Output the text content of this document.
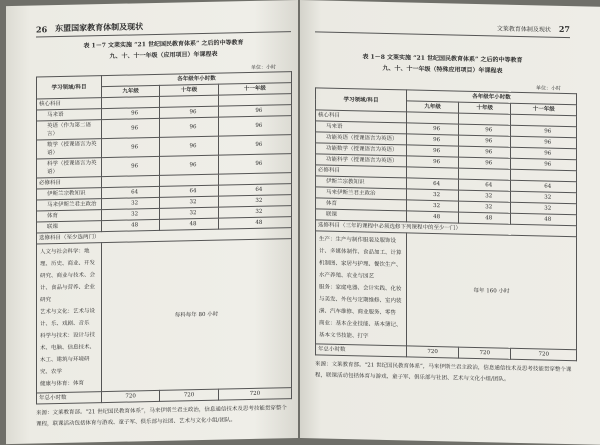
26 东盟国家教育体制及现状
表 1－7 文莱实施 “21 世纪国民教育体系” 之后的中等教育
九、十、十一年级（应用项目）年课程表
单位：小时
学习领域/科目	各年级年小时数		
	九年级	十年级	十一年级
核心科目			
马来语	96	96	96
英语（作为第二语言）	96	96	96
数学（授课语言为英语）	96	96	96
科学（授课语言为英语）	96	96	96
必修科目			
伊斯兰宗教知识	64	64	64
马来伊斯兰君主政治	32	32	32
体育	32	32	32
联课	48	48	48
选修科目（至少选两门）			

人文与社会科学：地理、历史、商业、开发研究、商业与技术、会计、食品与营养、企业研究
艺术与文化：艺术与设计、乐、戏剧、音乐
科学与技术：设计与技术、电脑、信息技术、木工、建筑与环境研究、农学
健康与体育：体育	每科每年 80 小时		
年总小时数	720	720	720
来源：文莱教育部。“21 世纪国民教育体系”，马来伊斯兰君主政治，信息通信技术及思考技能贯穿整个课程，联课活动包括体育与游戏、童子军、俱乐部与社团、艺术与文化小组/团队。
文莱教育体制及现状 27
表 1－8 文莱实施 “21 世纪国民教育体系” 之后的中等教育
九、十、十一年级（特殊应用项目）年课程表
单位：小时
学习领域/科目	各年级年小时数		
	九年级	十年级	十一年级
核心科目			
马来语	96	96	96
功能英语（授课语言为英语）	96	96	96
功能数学（授课语言为英语）	96	96	96
功能科学（授课语言为英语）	96	96	96
必修科目			
伊斯兰宗教知识	64	64	64
马来伊斯兰君主政治	32	32	32
体育	32	32	32
联课	48	48	48
选修科目（三年的课程中必须选修下列课程中的至少一门）			

生产：生产与制作服装及服饰设计、多媒体制作、食品加工、计算机制图、家居与护理、餐饮生产、水产养殖、农业与园艺
服务：家庭电器、会计实践、化妆与美发、外包与定期维修、室内装潢、汽车维修、商业服务、零售
商业：基本企业技能、基本簿记、基本文书技能、打字	每年 160 小时		
年总小时数	720	720	720
来源：文莱教育部。“21 世纪国民教育体系”，马来伊斯兰君主政治，信息通信技术及思考技能贯穿整个课程，联课活动包括体育与游戏、童子军、俱乐部与社团、艺术与文化小组/团队。
